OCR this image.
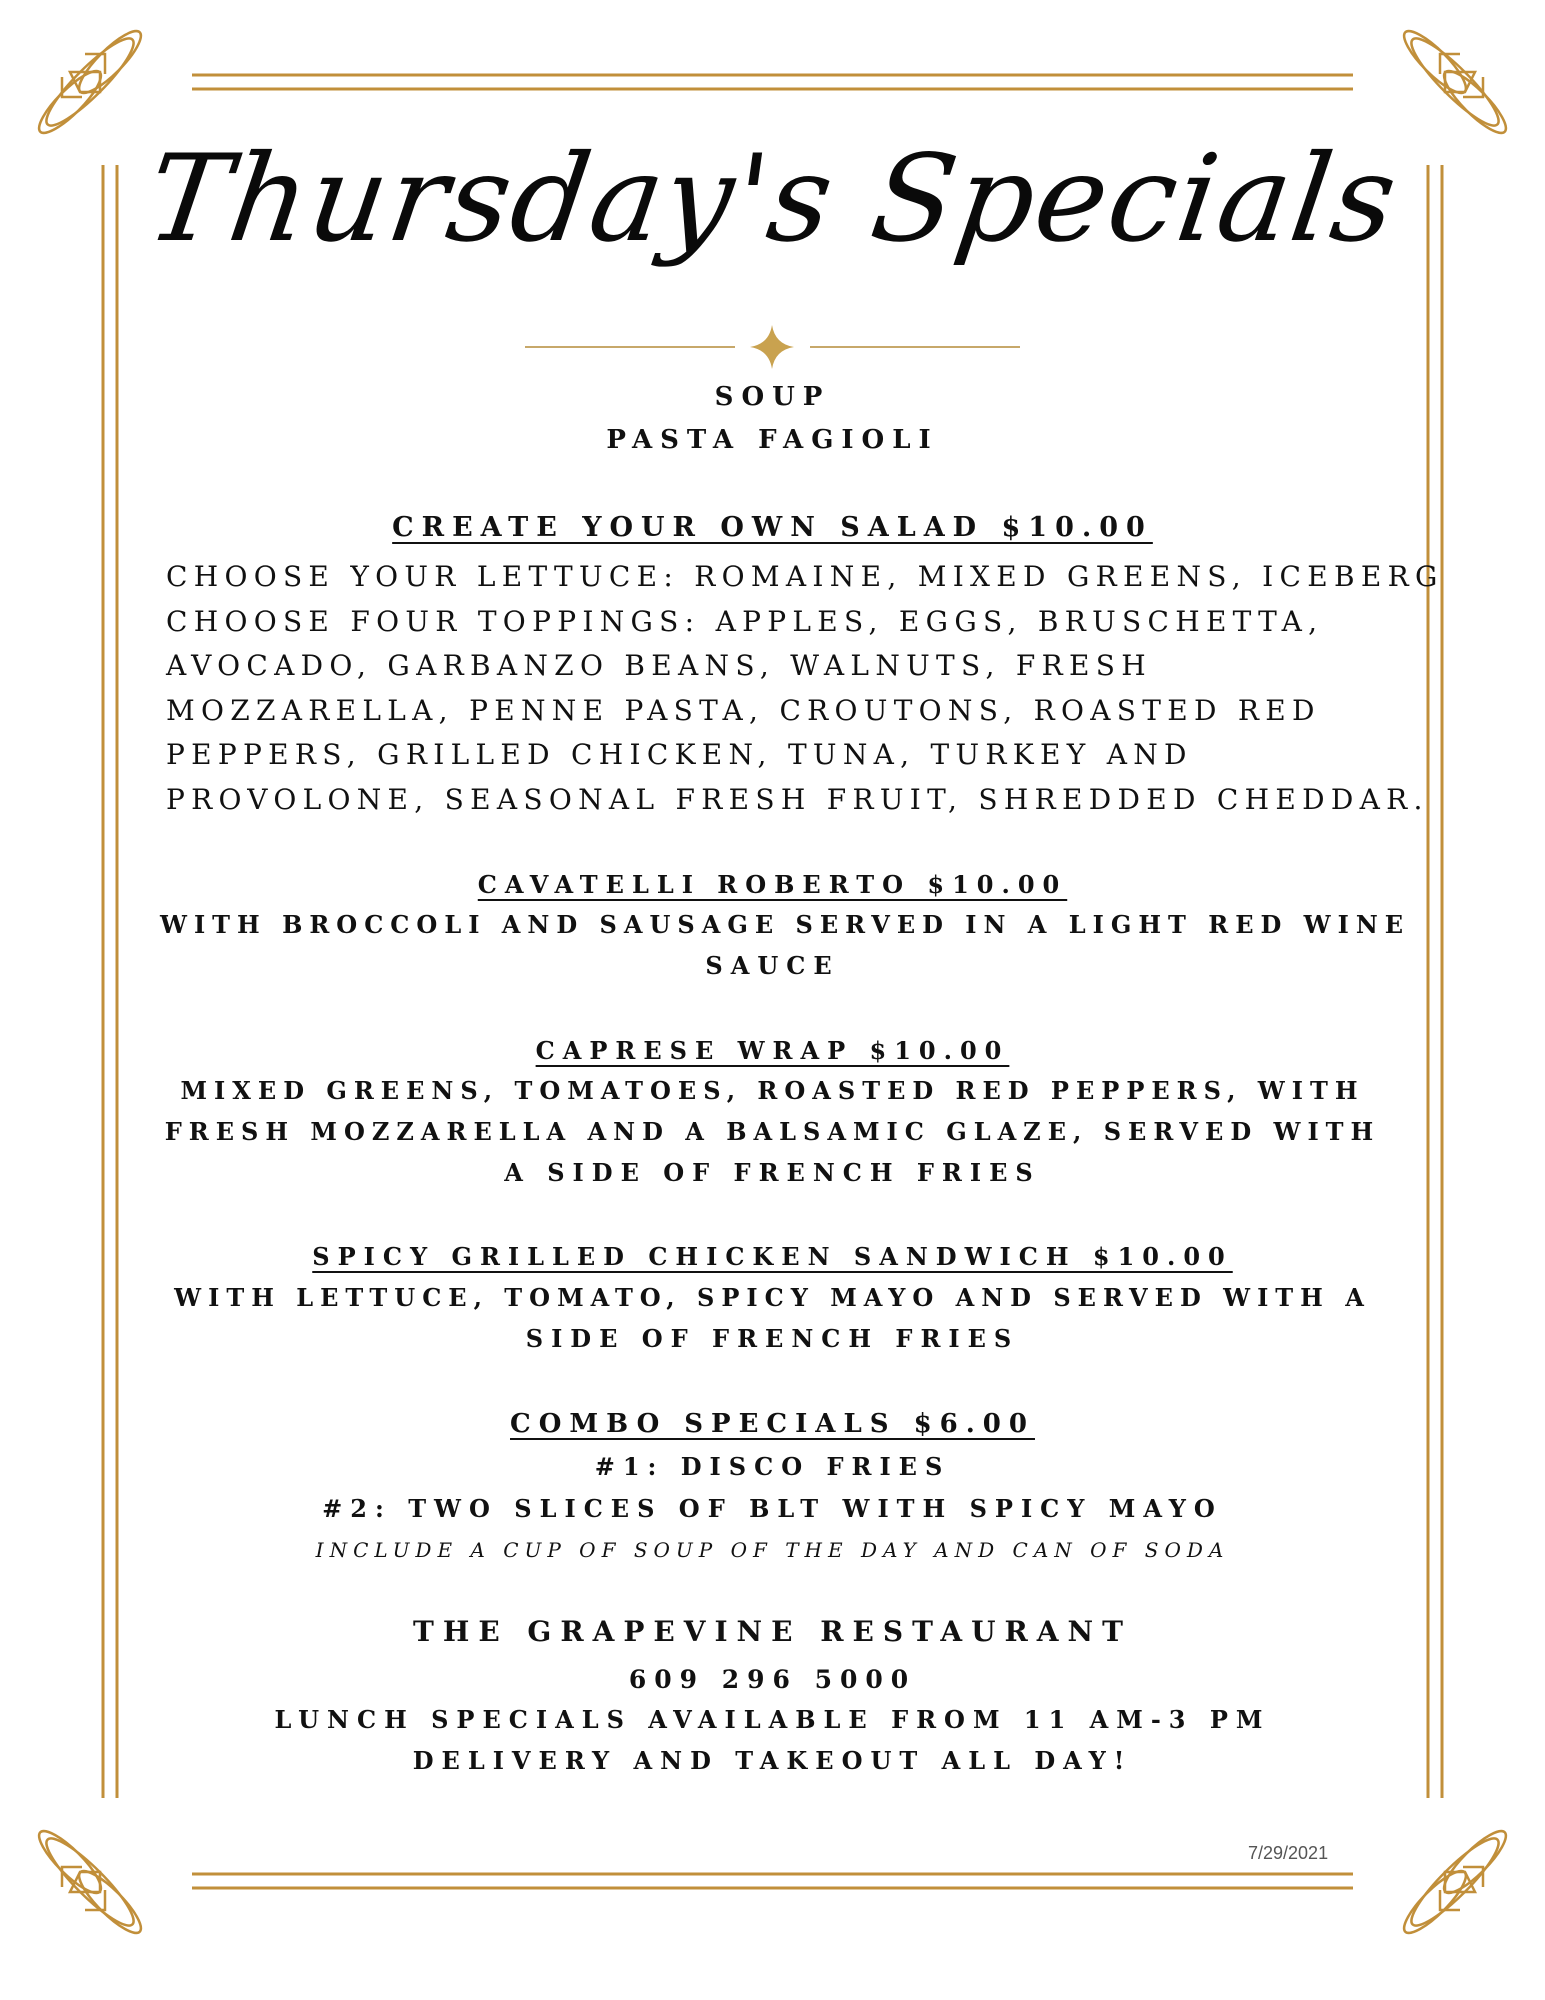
Thursday's Specials
SOUP
PASTA FAGIOLI
CREATE YOUR OWN SALAD $10.00
CHOOSE YOUR LETTUCE: ROMAINE, MIXED GREENS, ICEBERG
CHOOSE FOUR TOPPINGS: APPLES, EGGS, BRUSCHETTA,
AVOCADO, GARBANZO BEANS, WALNUTS, FRESH
MOZZARELLA, PENNE PASTA, CROUTONS, ROASTED RED
PEPPERS, GRILLED CHICKEN, TUNA, TURKEY AND
PROVOLONE, SEASONAL FRESH FRUIT, SHREDDED CHEDDAR.
CAVATELLI ROBERTO $10.00
WITH BROCCOLI AND SAUSAGE SERVED IN A LIGHT RED WINE
SAUCE
CAPRESE WRAP $10.00
MIXED GREENS, TOMATOES, ROASTED RED PEPPERS, WITH
FRESH MOZZARELLA AND A BALSAMIC GLAZE, SERVED WITH
A SIDE OF FRENCH FRIES
SPICY GRILLED CHICKEN SANDWICH $10.00
WITH LETTUCE, TOMATO, SPICY MAYO AND SERVED WITH A
SIDE OF FRENCH FRIES
COMBO SPECIALS $6.00
#1: DISCO FRIES
#2: TWO SLICES OF BLT WITH SPICY MAYO
INCLUDE A CUP OF SOUP OF THE DAY AND CAN OF SODA
THE GRAPEVINE RESTAURANT
609 296 5000
LUNCH SPECIALS AVAILABLE FROM 11 AM-3 PM
DELIVERY AND TAKEOUT ALL DAY!
7/29/2021
